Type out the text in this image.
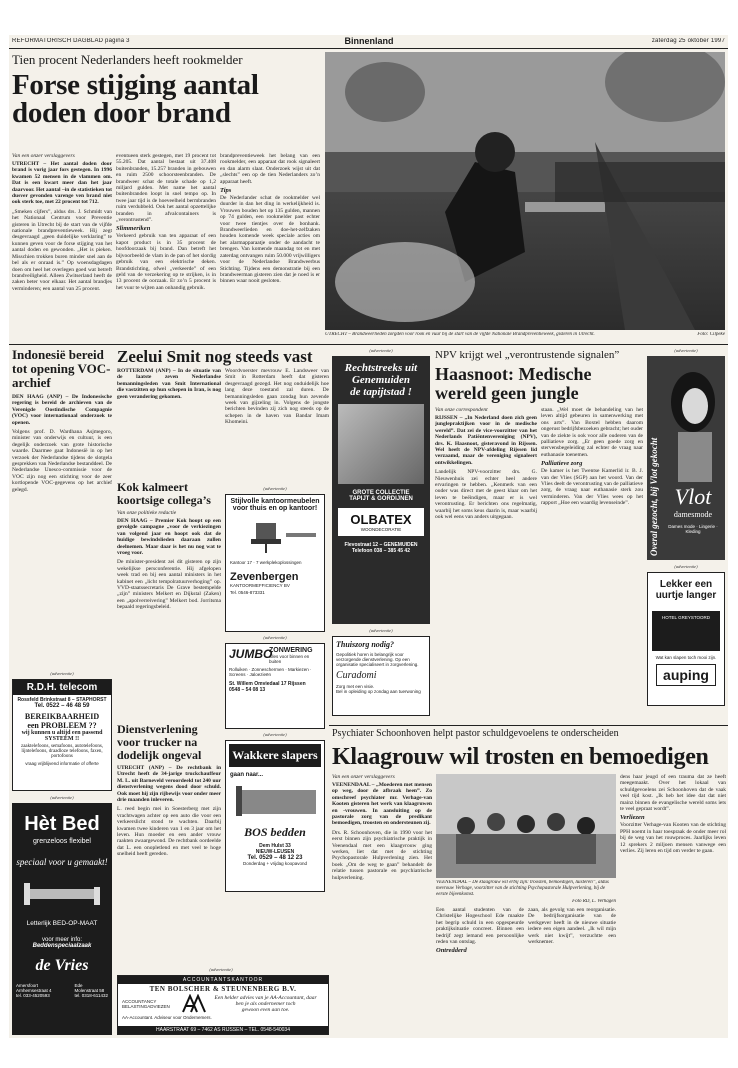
REFORMATORISCH DAGBLAD pagina 3	Binnenland	zaterdag 25 oktober 1997
Tien procent Nederlanders heeft rookmelder
Forse stijging aantal doden door brand
Van een onzer verslaggevers
UTRECHT – Het aantal doden door brand is vorig jaar fors gestegen. In 1996 kwamen 52 mensen in de vlammen om. Dat is een kwart meer dan het jaar daarvoor. Het aantal –in de statistieken tot dusver gevonden varenge ven brand niet ook sterk toe, met 22 procent tot 712.
„Smeken cijfers”, aldus drs. J. Schmidt van het Nationaal Centrum voor Preventie gisteren in Utrecht bij de start van de vijfde nationale brandpreventieweek. Hij zegt desgevraagd „geen duidelijke verklaring” te kunnen geven voor de forse stijging van het aantal doden en gewonden. „Het is pieken. Misschien trokken buren minder snel aan de bel als er onraad is.” Op woensdagdagen doen om heel het overlegen goed wat betreft brandveiligheid. Alleen Zwitserland heeft de zaken beter voor elkaar. Het aantal brandjes verminderen; een aantal van 25 procent.
eventueen sterk gestegen, met 19 procent tot 55.205. Dat aantal bestaat uit 37.408 buitenbranden, 15.257 branden in gebouwen en ruim 2500 schoorsteenbranden. De brandweer schat de totale schade op 1,2 miljard gulden. Met name het aantal buitenbranden loopt in snel tempo op. In twee jaar tijd is de hoeveelheid bermbranden ruim verdubbeld. Ook het aantal opzettelijke branden in afvalcontainers is „verontrustend”.
Slimmeriken
Verkeerd gebruik van ten apparaat of een kapot product is in 35 procent de hoofdoorzaak bij brand. Dan betreft het bijvoorbeeld de vlam in de pan of het slordig gebruik van een elektrische deken. Brandstichting, ofwel „verkeerde” of een geld van de verzekering op te strijken, is in 13 procent de oorzaak. Er zo’n 5 procent is het vuur te wijten aan onhandig gebruik.
brandpreventieweek het belang van een rookmelder, een apparaat dat rook signaleert en dan alarm slaat. Onderzoek wijst uit dat „slechts” een op de tien Nederlanders zo’n apparaat heeft.
Tips
De Nederlander schat de rookmelder wel duurder in dan het ding in werkelijkheid is. Vrouwen bouden het op 135 gulden, mannen op 74 gulden, een rookmelder past echter voor twee tientjes over de bonhank. Brandweerlieden en doe-het-zelfzaken houden komende week speciale acties om het alarmapparaatje onder de aandacht te brengen. Van komende maandag tot en met zaterdag ontvangen ruim 50.000 vrijwilligers voor de Nederlandse Brandweerbus Stichting. Tijdens een demonstratie bij een brandweerman gisteren zien dat je noed is er binnen waar nooit gesloten.
UTRECHT – Brandweerlieden zorgden voor rook en vuur bij de start van de vijfde Nationale Brandpreventieweek, gisteren in Utrecht.	Foto: Cilpeke
Indonesië bereid tot opening VOC-archief
DEN HAAG (ANP) – De Indonesische regering is bereid de archieven van de Verenigde Oostindische Compagnie (VOC) voor internationaal onderzoek te openen.
Volgens prof. D. Wardhana Asjmegoro, minister van onderwijs en cultuur, is een degelijk onderzoek van grote historische waarde. Daarmee gaat Indonesië in op het verzoek der Nederlandse tijdens de slotgela gesprekken van Nederlandse bestanddeel. De Nederlandse Unesco-commissie voor de VOC zijn nog een stichting voor de zeer kortlopende VOC-gegevens op het archief gelegd.
(advertentie)
R.D.H. telecom
Rossfeld Brinkstraat 8 – STAPHORST
Tel. 0522 – 46 48 59
BEREIKBAARHEID
een PROBLEEM ??
wij kunnen u altijd een passend SYSTEEM !!
zaaktelefoons, semafoons, autotelefoons, lijntelefoons, draadloze telefoons, faxen, portofoons
vraag vrijblijvend informatie of offerte
(advertentie)
Hèt Bed
grenzeloos flexibel
speciaal voor u gemaakt!
Letterlijk BED-OP-MAAT
voor meer info:
Beddenspeciaalzaak
de Vries
Amersfoort
Arnhemsestraat 4
tel. 033-4520593
Ede
Molenstraat 58
tel. 0318-611432
Zeelui Smit nog steeds vast
ROTTERDAM (ANP) – In de situatie van de laatste zeven Nederlandse bemanningsleden van Smit International die vastzitten op hun schepen in Iran, is nog geen verandering gekomen.
Woordvoerster mevrouw E. Landsweer van Smit in Rotterdam heeft dat gisteren desgevraagd gezegd. Het nog onduidelijk hoe lang deze toestand zal duren. De bemanningsleden gaan zondag hun zevende week van gijzeling in. Volgens de jongste berichten bevinden zij zich nog steeds op de schepen in de haven van Bandar Imam Khomeini.
Kok kalmeert koortsige collega’s
Van onze politieke redactie
DEN HAAG – Premier Kok hoopt op een gevolgde campagne „voor de verkiezingen van volgend jaar en hoopt ook dat de huidige bewindslieden daaraan zullen deelnemen. Maar daar is het nu nog wat te vroeg voor.
De minister-president zei dit gisteren op zijn wekelijkse persconferentie. Hij afgelopen week trad en bij een aantal ministers in het kabinet een „licht tempolratuurverhoging” op. VVD-staatssecretaris De Grave bestempelde „zijn” ministers Melkert en Dijkstal (Zaken) een „apolverreivering” Melkert bod. Jorritsma bepaald regeringsbeleid.
Dienstverlening voor trucker na dodelijk ongeval
UTRECHT (ANP) – De rechtbank in Utrecht heeft de 34-jarige truckchauffeur M. L. uit Barneveld veroordeeld tot 240 uur dienstverlening wegens dood door schuld. Ook moet hij zijn rijbewijs voor onder meer drie maanden inleveren.
L. reed begin mei in Soesterberg met zijn vrachtwagen achter op een auto die voor een verkeerslicht stond te wachten. Daarbij kwamen twee kinderen van 1 en 3 jaar om het leven. Hun moeder en een ander vrouw raakten zwaargewond. De rechtbank oordeelde dat L. een onopletlend en met veel te hoge snelheid heeft gereden.
(advertentie)
Stijlvolle kantoormeubelen voor thuis en op kantoor!
Kantoor 17 · 7 werkplekoplossingen
Zevenbergen
KANTOORMEFFICIENCY BV
Tel. 0546-873331
(advertentie)
JUMBO
ZONWERING
alles voor binnen en buiten
Rolluiken · Zonneschermen · Markiezen · Screens · Jaloezieën
St. Willem Omviedaal 17 Rijssen
0548 – 54 08 13
(advertentie)
Wakkere slapers
gaan naar...
BOS bedden
Dem Hulst 33
NIEUW-LEUSEN
Tel. 0529 – 48 12 23
Donderdag + vrijdag koopavond
(advertentie)
Rechtstreeks uit
Genemuiden
de tapijtstad !
GROTE COLLECTIE
TAPIJT & GORDIJNEN
OLBATEX
WOONDECORATIE
Flevostraat 12 – GENEMUIDEN
Telefoon 038 – 385 45 42
(advertentie)
Thuiszorg nodig?
Gepolitiek horen is belangrijk voor verzorgende dienstverlening. Op een organisatie specialiseert in zorgverlening.
Curadomi
Zorg met een visie.
Bel in opleiding op zondag aan tuerwoning
NPV krijgt wel „verontrustende signalen”
Haasnoot: Medische wereld geen jungle
Van onze correspondent
RIJSSEN – „In Nederland doen zich geen junglepraktijken voor in de medische wereld”. Dat zei de vice-voorzitter van het Nederlands Patiëntenvereniging (NPV), drs. K. Haasnoot, gisteravond in Rijssen. Wel heeft de NPV-afdeling Rijssen lid verzaamd, maar de vereniging signaleert ontwikkelingen.
Landelijk NPV-voorzitter drs. G. Nieuwenhuis zei echter heel andere ervaringen te hebben. „Kenmerk van een ouder was direct met de geest klaar om het leven te beëindigen, maar er is wel verontrusting. Er berichten ons regelmatig, waarbij het soms keus daarin is, maar waarbij ook wel eens van anders uitgegaan.
staan. „Wel moet de behandeling van het leven altijd gebeuren in samenwerking met ons arts”. Van Boxtel hebben daarom ongerust bedrijfsbezoeken gebracht; het ouder van de ziekte is ook voor alle ouderen van de palliatieve zorg. „Er geen goede zorg en stervensbegeleiding zal echter de vraag naar euthanasie toenemen.
Palliatieve zorg
De kamer is het Twentse Kamerlid ir. B. J. van der Vlies (SGP) aan het woord. Van der Vlies deelt de verontrusting van de palliatieve zorg, de vraag naar euthanasie sterk zou verminderen. Van der Vlies wees op het rapport „Hoe een waardig levenseinde”.
(advertentie)
Overal gezocht, bij Vlot gekocht Vlot
damesmode
Dames mode · Lingerie · Kleding
(advertentie)
Lekker een uurtje langer
HOTEL GREYSTOORD
Wat kan slapen toch mooi zijn.
auping
Psychiater Schoonhoven helpt pastor schuldgevoelens te onderscheiden
Klaagrouw wil trosten en bemoedigen
Van een onzer verslaggevers
VEENENDAAL – „Moederen met mensen op weg, door de afbraak heen”. Zo omschreef psychiater mr. Verhage-van Kooten gisteren het werk van klaagruwen en -vrouwen. In aansluiting op de pastorale zorg van de predikant bemoedigen, troosten en ondersteunen zij.
Drs. R. Schoonhoven, die in 1990 voor het eerst binnen zijn psychiatrische praktijk in Veenendaal met een klaagvrouw ging werken, liet dat met de stichting Psychopastorale Hulpverlening zien. Het boek „Om de weg te gaan” behandelt de relatie tussen pastorale en psychiatrische hulpverlening.
VEENENDAAL – De klaagrouw wil erbij zijn: troosten, bemoedigen, luisteren”, aldus mevrouw Verhage, voorzitter van de stichting Psychopastorale Hulpverlening, bij de eerste bijeenkomst.
Foto RD, L. Verhagen
Een aantal studenten van de Christelijke Hogeschool Ede maakte het begrip schuld in een opgespeurde praktijksituatie concreet. Binnen een bedrijf zegt iemand een persoonlijke reden van ontslag.
Ontredderd
zaan, als gevolg van een reorganisatie. De bedrijfsorganisatie van de werkgever heeft in de nieuwe situatie iedere een eigen aandeel. „Ik wil mijn werk niet kwijt”, verzuchtte een werknemer.
dens haar jeugd of een trauma dat ze heeft meegemaakt. Over het lokaal van schuldgevoelens zei Schoonhoven dat de vaak veel tijd kost. „Ik heb het idee dat dat niet mainz binnen de evangelische wereld soms iets te veel gepraat wordt”.
Verliezen
Voorzitter Verhage-van Kooten van de stichting PPH noemt in haar toespraak de onder meer rol bij de weg van het rouwproces. Jaarlijks leven 12 sprekers 2 miljoen mensen vanwege een verlies. Zij leren en tijd om verder te gaan.
(advertentie)
ACCOUNTANTSKANTOOR
TEN BOLSCHER & STEUNENBERG B.V.
ACCOUNTANCY
BELASTINGADVIEZEN
Een helder advies van je AA-Accountant, daar
ben je als ondernemer toch
gewoon even aan toe.
AA-Accountant. Adviseur voor Ondernemers.
HAARSTRAAT 69 – 7462 AS RIJSSEN – TEL. 0548-540034
